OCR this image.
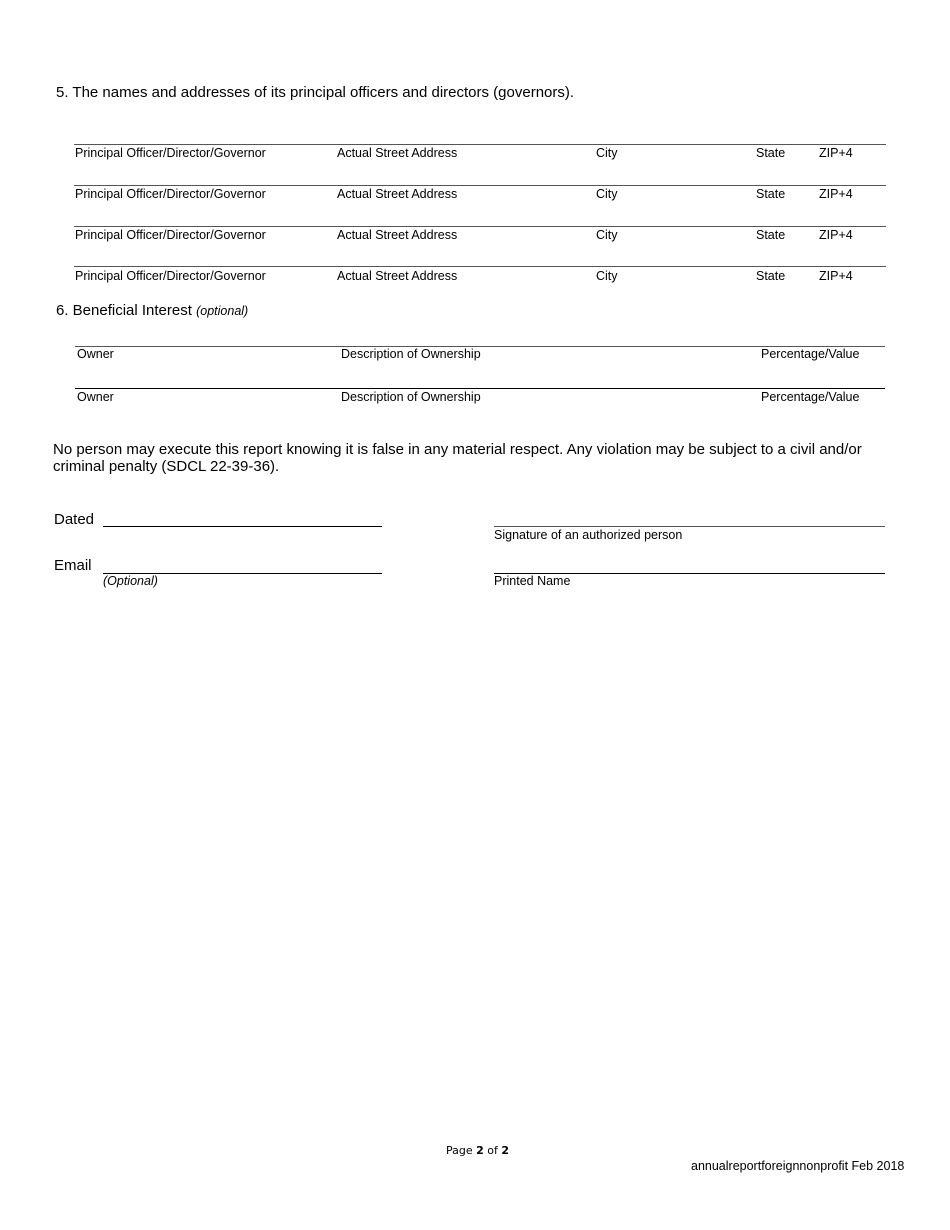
5. The names and addresses of its principal officers and directors (governors).
Principal Officer/Director/Governor	Actual Street Address	City	State	ZIP+4
Principal Officer/Director/Governor	Actual Street Address	City	State	ZIP+4
Principal Officer/Director/Governor	Actual Street Address	City	State	ZIP+4
Principal Officer/Director/Governor	Actual Street Address	City	State	ZIP+4
6. Beneficial Interest (optional)
Owner	Description of Ownership	Percentage/Value
Owner	Description of Ownership	Percentage/Value
No person may execute this report knowing it is false in any material respect. Any violation may be subject to a civil and/or criminal penalty (SDCL 22-39-36).
Dated
Signature of an authorized person
Email
(Optional)	Printed Name
Page 2 of 2
annualreportforeignnonprofit Feb 2018
